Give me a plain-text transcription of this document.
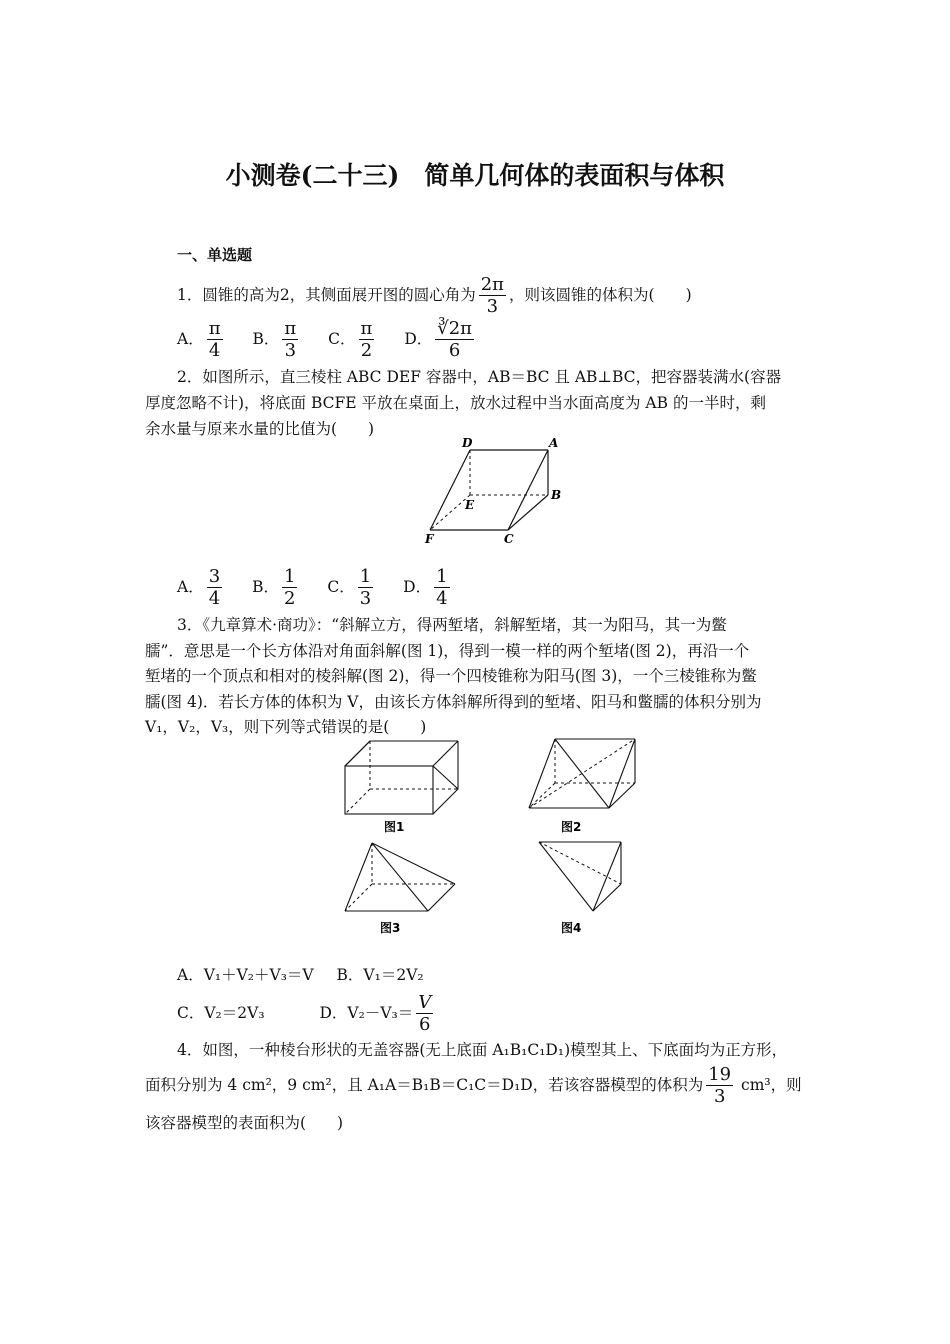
小测卷(二十三)　简单几何体的表面积与体积
一、单选题
1．圆锥的高为2，其侧面展开图的圆心角为 $\frac{2\pi}{3}$ ，则该圆锥的体积为(　　)
A． $\frac{\pi}{4}$ B． $\frac{\pi}{3}$ C． $\frac{\pi}{2}$ D． $\frac{∛2\pi}{6}$
2．如图所示，直三棱柱 ABC DEF 容器中，AB＝BC 且 AB⊥BC，把容器装满水(容器
厚度忽略不计)，将底面 BCFE 平放在桌面上，放水过程中当水面高度为 AB 的一半时，剩
余水量与原来水量的比值为(　　)
D	A
B
E
F	C
A． $\frac{3}{4}$ B． $\frac{1}{2}$ C． $\frac{1}{3}$ D． $\frac{1}{4}$
3．《九章算术·商功》：“斜解立方，得两堑堵，斜解堑堵，其一为阳马，其一为鳖
臑”．意思是一个长方体沿对角面斜解(图 1)，得到一模一样的两个堑堵(图 2)，再沿一个
堑堵的一个顶点和相对的棱斜解(图 2)，得一个四棱锥称为阳马(图 3)，一个三棱锥称为鳖
臑(图 4)．若长方体的体积为 V，由该长方体斜解所得到的堑堵、阳马和鳖臑的体积分别为
V₁，V₂，V₃，则下列等式错误的是(　　)
图1	图2
图3	图4
A．V₁＋V₂＋V₃＝V B．V₁＝2V₂
C．V₂＝2V₃	D．$V_2-V_3= \frac{V}{6}$
4．如图，一种棱台形状的无盖容器(无上底面 A₁B₁C₁D₁)模型其上、下底面均为正方形，
面积分别为 4 cm²，9 cm²，且 A₁A＝B₁B＝C₁C＝D₁D，若该容器模型的体积为 $\frac{19}{3} cm^3$，则
该容器模型的表面积为(　　)
